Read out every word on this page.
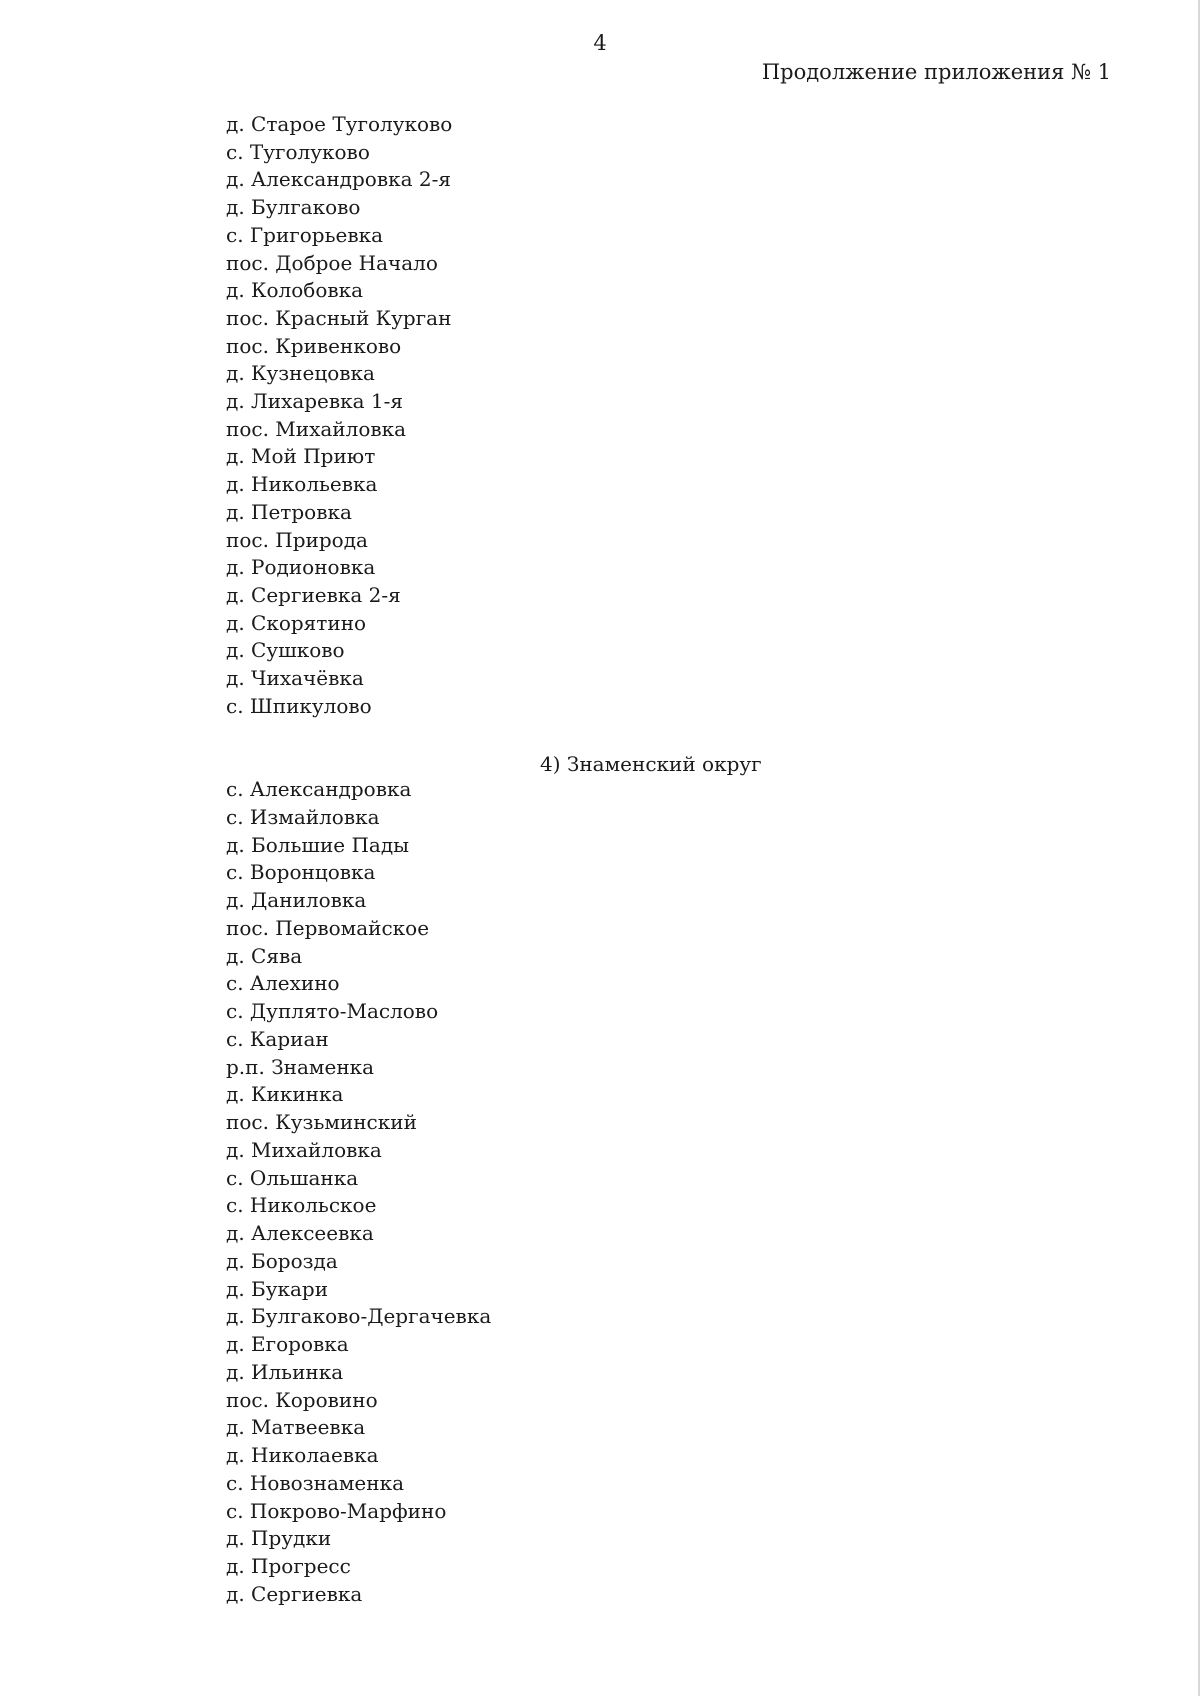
4
Продолжение приложения № 1
д. Старое Туголуково
с. Туголуково
д. Александровка 2-я
д. Булгаково
с. Григорьевка
пос. Доброе Начало
д. Колобовка
пос. Красный Курган
пос. Кривенково
д. Кузнецовка
д. Лихаревка 1-я
пос. Михайловка
д. Мой Приют
д. Никольевка
д. Петровка
пос. Природа
д. Родионовка
д. Сергиевка 2-я
д. Скорятино
д. Сушково
д. Чихачёвка
с. Шпикулово
4) Знаменский округ
с. Александровка
с. Измайловка
д. Большие Пады
с. Воронцовка
д. Даниловка
пос. Первомайское
д. Сява
с. Алехино
с. Дуплято-Маслово
с. Кариан
р.п. Знаменка
д. Кикинка
пос. Кузьминский
д. Михайловка
с. Ольшанка
с. Никольское
д. Алексеевка
д. Борозда
д. Букари
д. Булгаково-Дергачевка
д. Егоровка
д. Ильинка
пос. Коровино
д. Матвеевка
д. Николаевка
с. Новознаменка
с. Покрово-Марфино
д. Прудки
д. Прогресс
д. Сергиевка
